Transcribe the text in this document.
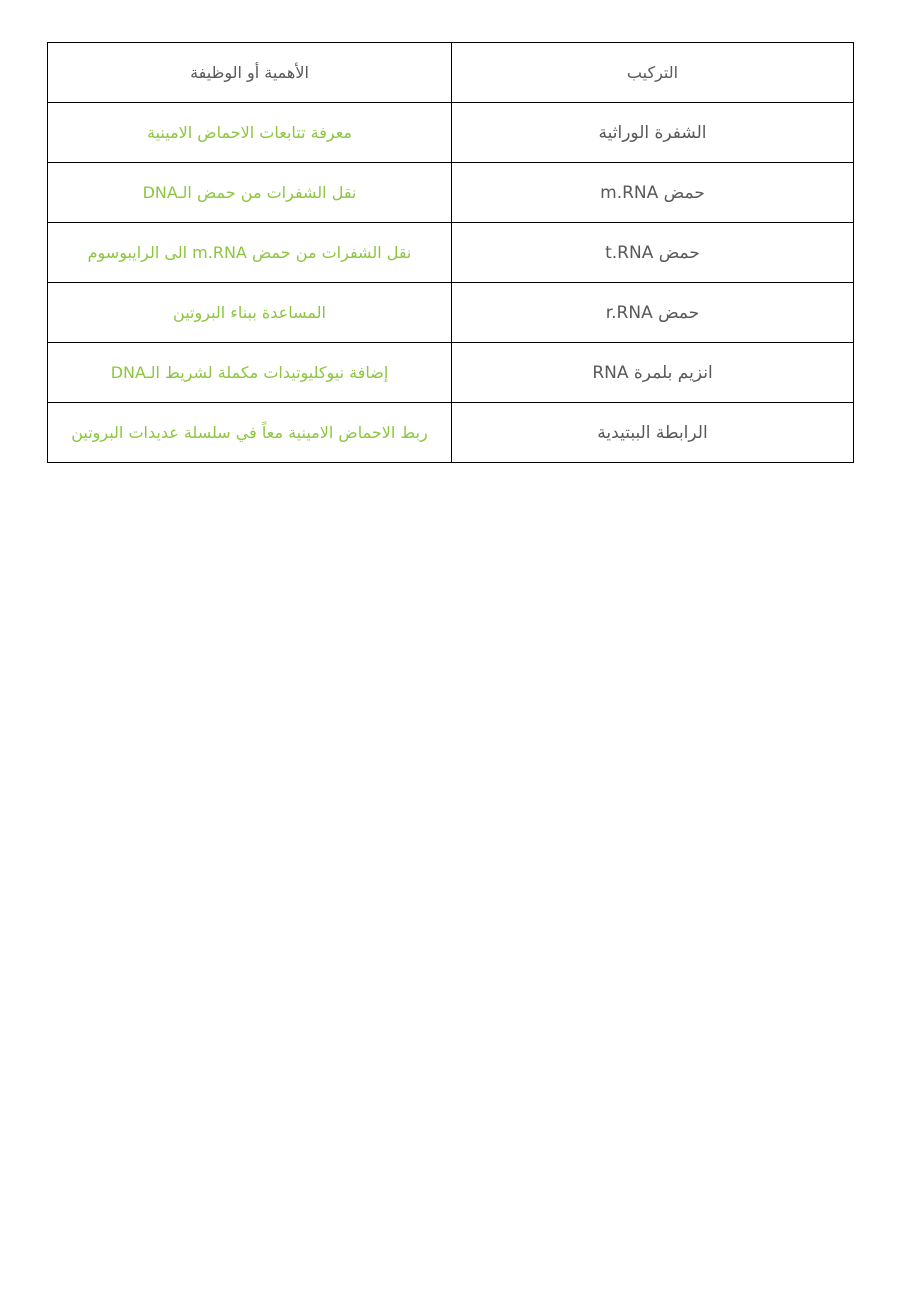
التركيب	الأهمية أو الوظيفة
الشفرة الوراثية	معرفة تتابعات الاحماض الامينية
حمض m.RNA	نقل الشفرات من حمض الـDNA
حمض t.RNA	نقل الشفرات من حمض m.RNA الى الرايبوسوم
حمض r.RNA	المساعدة ببناء البروتين
انزيم بلمرة RNA	إضافة نيوكليوتيدات مكملة لشريط الـDNA
الرابطة الببتيدية	ربط الاحماض الامينية معاً في سلسلة عديدات البروتين
